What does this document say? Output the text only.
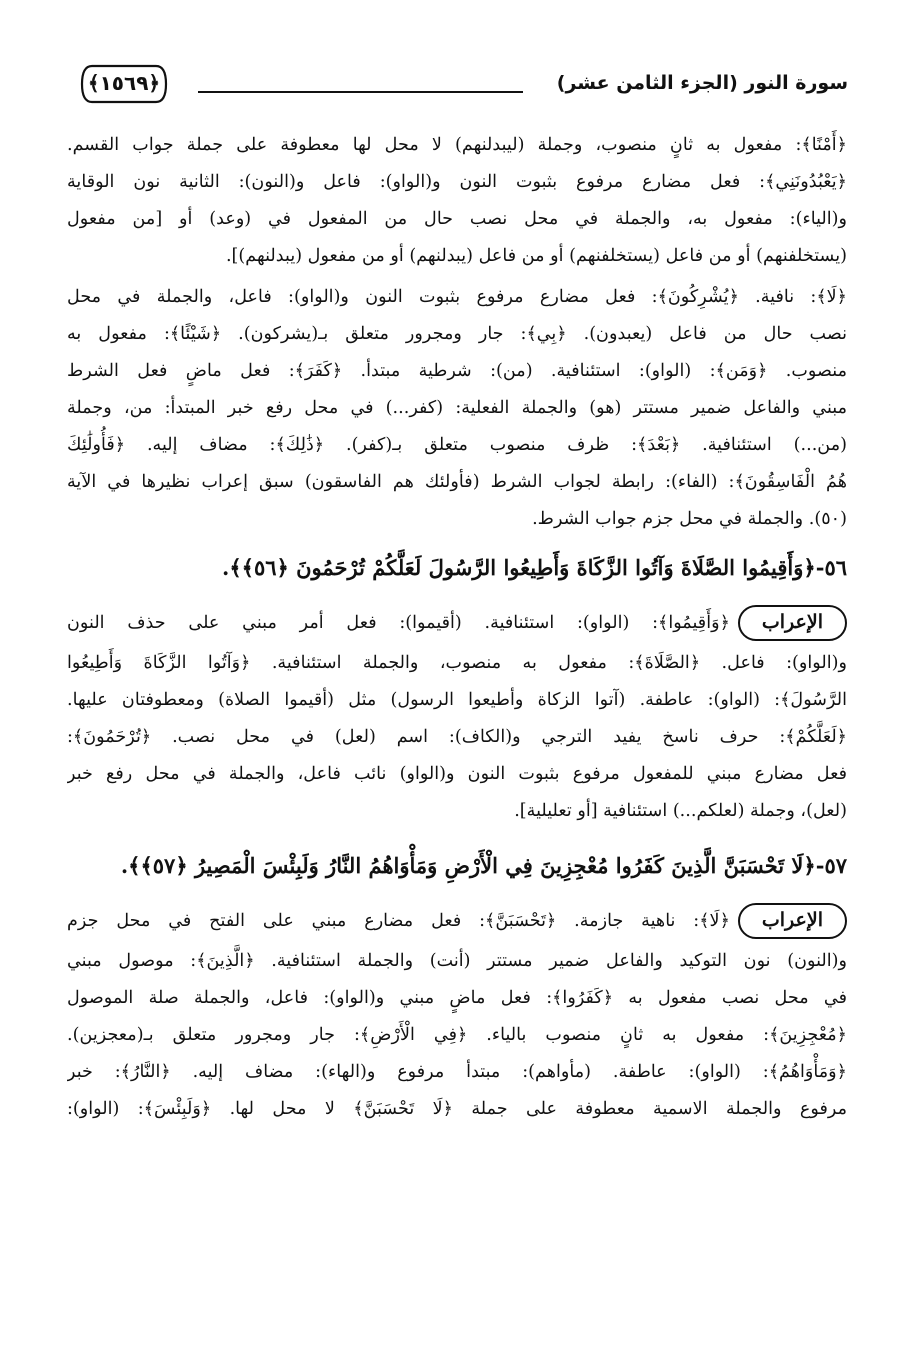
سورة النور (الجزء الثامن عشر)
﴿١٥٦٩﴾
﴿أَمْنًا﴾: مفعول به ثانٍ منصوب، وجملة (ليبدلنهم) لا محل لها معطوفة على جملة جواب القسم.
﴿يَعْبُدُونَنِي﴾: فعل مضارع مرفوع بثبوت النون و(الواو): فاعل و(النون): الثانية نون الوقاية
و(الياء): مفعول به، والجملة في محل نصب حال من المفعول في (وعد) أو [من مفعول
(يستخلفنهم) أو من فاعل (يستخلفنهم) أو من فاعل (يبدلنهم) أو من مفعول (يبدلنهم)].
﴿لَا﴾: نافية. ﴿يُشْرِكُونَ﴾: فعل مضارع مرفوع بثبوت النون و(الواو): فاعل، والجملة في محل
نصب حال من فاعل (يعبدون). ﴿بِي﴾: جار ومجرور متعلق بـ(يشركون). ﴿شَيْئًا﴾: مفعول به
منصوب. ﴿وَمَن﴾: (الواو): استئنافية. (من): شرطية مبتدأ. ﴿كَفَرَ﴾: فعل ماضٍ فعل الشرط
مبني والفاعل ضمير مستتر (هو) والجملة الفعلية: (كفر...) في محل رفع خبر المبتدأ: من، وجملة
(من...) استئنافية. ﴿بَعْدَ﴾: ظرف منصوب متعلق بـ(كفر). ﴿ذَٰلِكَ﴾: مضاف إليه. ﴿فَأُولَٰئِكَ
هُمُ الْفَاسِقُونَ﴾: (الفاء): رابطة لجواب الشرط (فأولئك هم الفاسقون) سبق إعراب نظيرها في الآية
(٥٠). والجملة في محل جزم جواب الشرط.
٥٦-﴿وَأَقِيمُوا الصَّلَاةَ وَآتُوا الزَّكَاةَ وَأَطِيعُوا الرَّسُولَ لَعَلَّكُمْ تُرْحَمُونَ ﴿٥٦﴾﴾.
الإعراب
﴿وَأَقِيمُوا﴾: (الواو): استئنافية. (أقيموا): فعل أمر مبني على حذف النون
و(الواو): فاعل. ﴿الصَّلَاةَ﴾: مفعول به منصوب، والجملة استئنافية. ﴿وَآتُوا الزَّكَاةَ وَأَطِيعُوا
الرَّسُولَ﴾: (الواو): عاطفة. (آتوا الزكاة وأطيعوا الرسول) مثل (أقيموا الصلاة) ومعطوفتان عليها.
﴿لَعَلَّكُمْ﴾: حرف ناسخ يفيد الترجي و(الكاف): اسم (لعل) في محل نصب. ﴿تُرْحَمُونَ﴾:
فعل مضارع مبني للمفعول مرفوع بثبوت النون و(الواو) نائب فاعل، والجملة في محل رفع خبر
(لعل)، وجملة (لعلكم...) استئنافية [أو تعليلية].
٥٧-﴿لَا تَحْسَبَنَّ الَّذِينَ كَفَرُوا مُعْجِزِينَ فِي الْأَرْضِ وَمَأْوَاهُمُ النَّارُ وَلَبِئْسَ الْمَصِيرُ ﴿٥٧﴾﴾.
الإعراب
﴿لَا﴾: ناهية جازمة. ﴿تَحْسَبَنَّ﴾: فعل مضارع مبني على الفتح في محل جزم
و(النون) نون التوكيد والفاعل ضمير مستتر (أنت) والجملة استئنافية. ﴿الَّذِينَ﴾: موصول مبني
في محل نصب مفعول به ﴿كَفَرُوا﴾: فعل ماضٍ مبني و(الواو): فاعل، والجملة صلة الموصول
﴿مُعْجِزِينَ﴾: مفعول به ثانٍ منصوب بالياء. ﴿فِي الْأَرْضِ﴾: جار ومجرور متعلق بـ(معجزين).
﴿وَمَأْوَاهُمُ﴾: (الواو): عاطفة. (مأواهم): مبتدأ مرفوع و(الهاء): مضاف إليه. ﴿النَّارُ﴾: خبر
مرفوع والجملة الاسمية معطوفة على جملة ﴿لَا تَحْسَبَنَّ﴾ لا محل لها. ﴿وَلَبِئْسَ﴾: (الواو):
